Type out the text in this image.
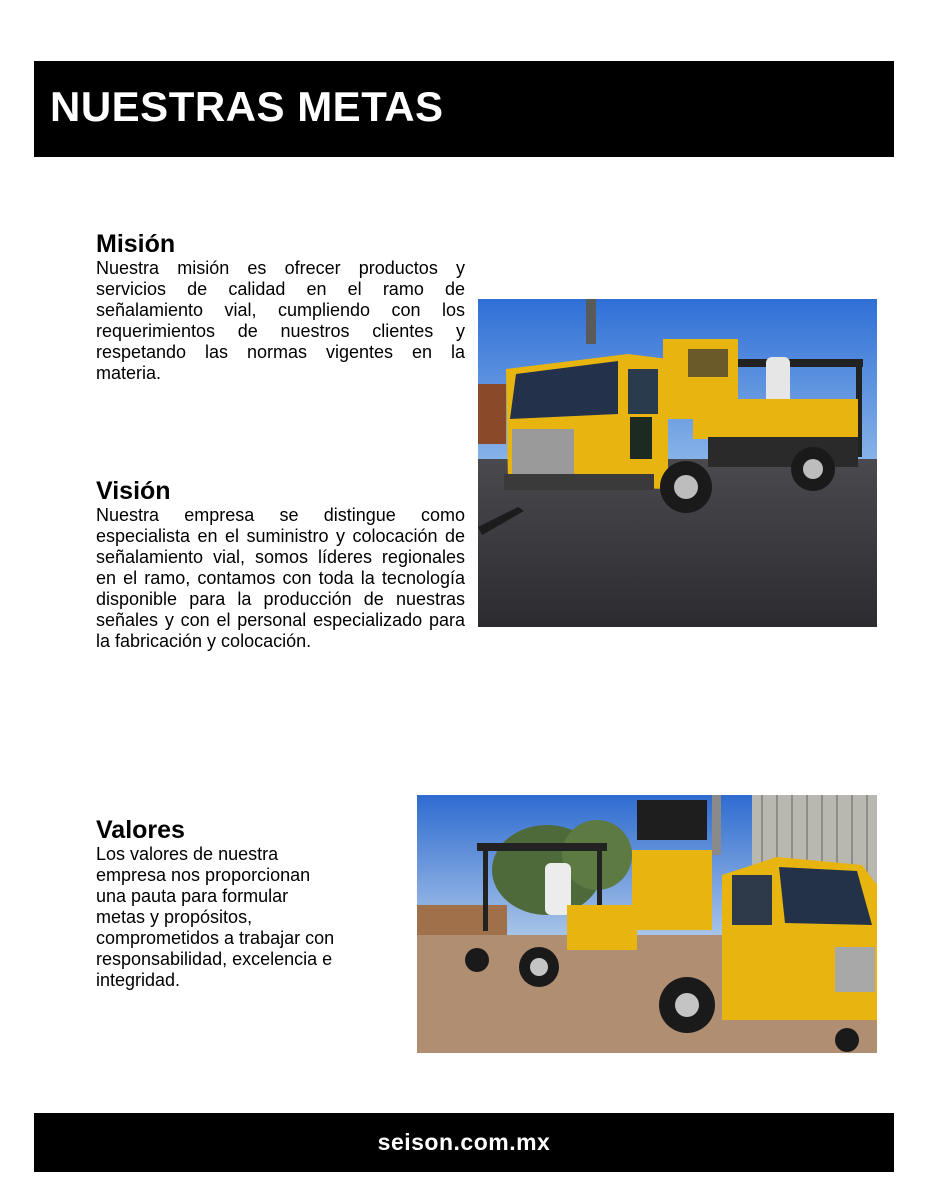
NUESTRAS METAS
Misión

Nuestra misión es ofrecer productos y servicios de calidad en el ramo de señalamiento vial, cumpliendo con los requerimientos de nuestros clientes y respetando las normas vigentes en la materia.

Visión

Nuestra empresa se distingue como especialista en el suministro y colocación de señalamiento vial, somos líderes regionales en el ramo, contamos con toda la tecnología disponible para la producción de nuestras señales y con el personal especializado para la fabricación y colocación.

Valores

Los valores de nuestra
empresa nos proporcionan
una pauta para formular
metas y propósitos,
comprometidos a trabajar con
responsabilidad, excelencia e
integridad.

seison.com.mx
